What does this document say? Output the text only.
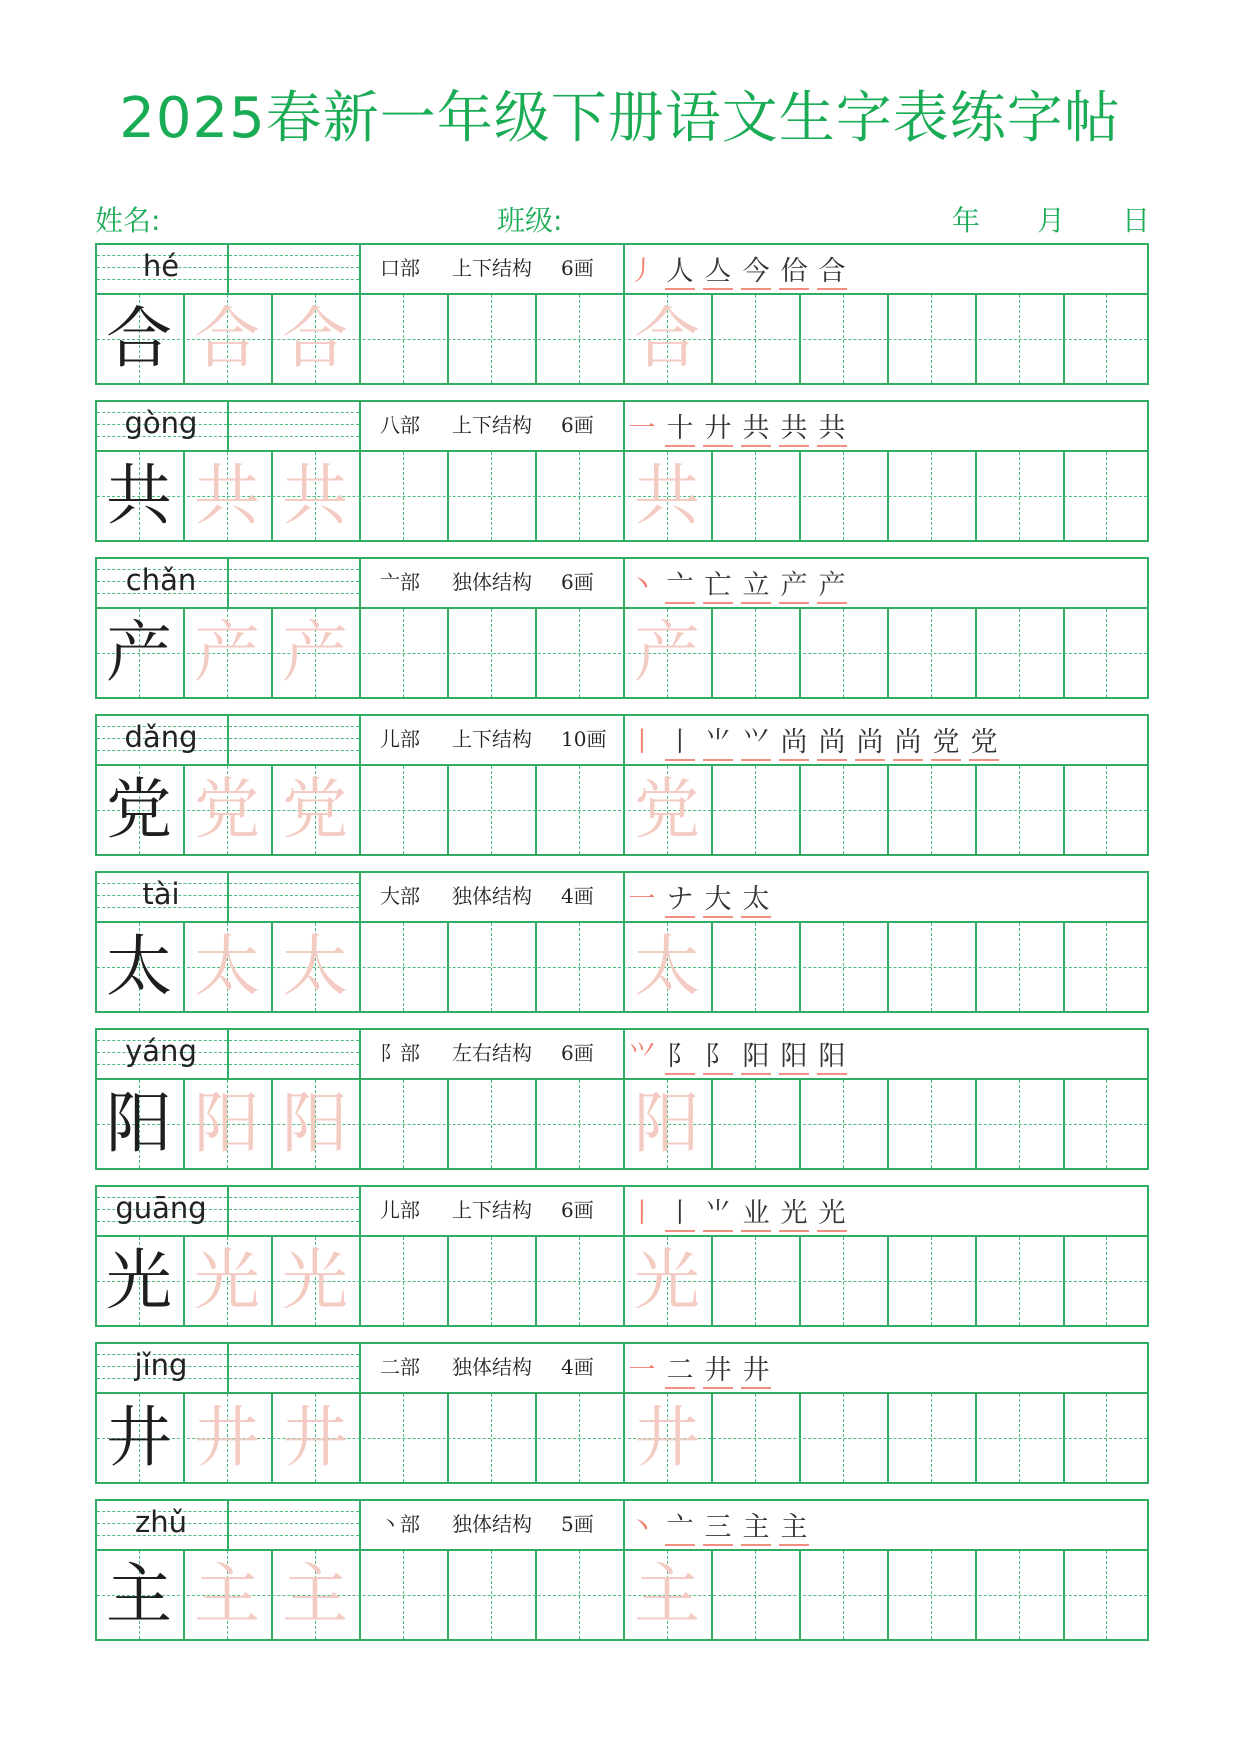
2025春新一年级下册语文生字表练字帖
姓名:	班级:	年 月 日
hé	口部 上下结构 6画 丿 人 亼 今 佮 合
合 合 合	合
gòng	八部 上下结构 6画 一 十 廾 共 共 共
共 共 共	共
chǎn	亠部 独体结构 6画 丶 亠 亡 立 产 产
产 产 产	产
dǎng	儿部 上下结构 10画 丨 丨 ⺌ ⺍ 尚 尚 尚 尚 党 党
党 党 党	党
tài	大部 独体结构 4画 一 ナ 大 太
太 太 太	太
yáng	阝部 左右结构 6画 ⺍ 阝 阝 阳 阳 阳
阳 阳 阳	阳
guāng	儿部 上下结构 6画 丨 丨 ⺌ 业 光 光
光 光 光	光
jǐng	二部 独体结构 4画 一 二 井 井
井 井 井	井
zhǔ	丶部 独体结构 5画 丶 亠 三 主 主
主 主 主	主
